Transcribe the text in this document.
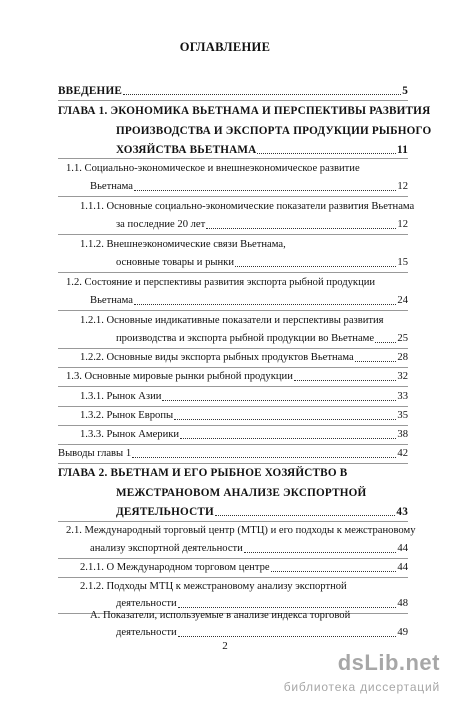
ОГЛАВЛЕНИЕ
ВВЕДЕНИЕ	5
ГЛАВА 1. ЭКОНОМИКА ВЬЕТНАМА И ПЕРСПЕКТИВЫ РАЗВИТИЯ
ПРОИЗВОДСТВА И ЭКСПОРТА ПРОДУКЦИИ РЫБНОГО
ХОЗЯЙСТВА ВЬЕТНАМА	11
1.1. Социально-экономическое и внешнеэкономическое развитие
Вьетнама	12
1.1.1. Основные социально-экономические показатели развития Вьетнама
за последние 20 лет	12
1.1.2. Внешнеэкономические связи Вьетнама,
основные товары и рынки	15
1.2. Состояние и перспективы развития экспорта рыбной продукции
Вьетнама	24
1.2.1. Основные индикативные показатели и перспективы развития
производства и экспорта рыбной продукции во Вьетнаме 25
1.2.2. Основные виды экспорта рыбных продуктов Вьетнама	28
1.3. Основные мировые рынки рыбной продукции	32
1.3.1. Рынок Азии	33
1.3.2. Рынок Европы	35
1.3.3. Рынок Америки	38
Выводы главы 1	42
ГЛАВА 2. ВЬЕТНАМ И ЕГО РЫБНОЕ ХОЗЯЙСТВО В
МЕЖСТРАНОВОМ АНАЛИЗЕ ЭКСПОРТНОЙ
ДЕЯТЕЛЬНОСТИ	43
2.1. Международный торговый центр (МТЦ) и его подходы к межстрановому
анализу экспортной деятельности	44
2.1.1. О Международном торговом центре	44
2.1.2. Подходы МТЦ к межстрановому анализу экспортной
деятельности	48
А. Показатели, используемые в анализе индекса торговой
деятельности	49
2
dsLib.net
библиотека диссертаций
